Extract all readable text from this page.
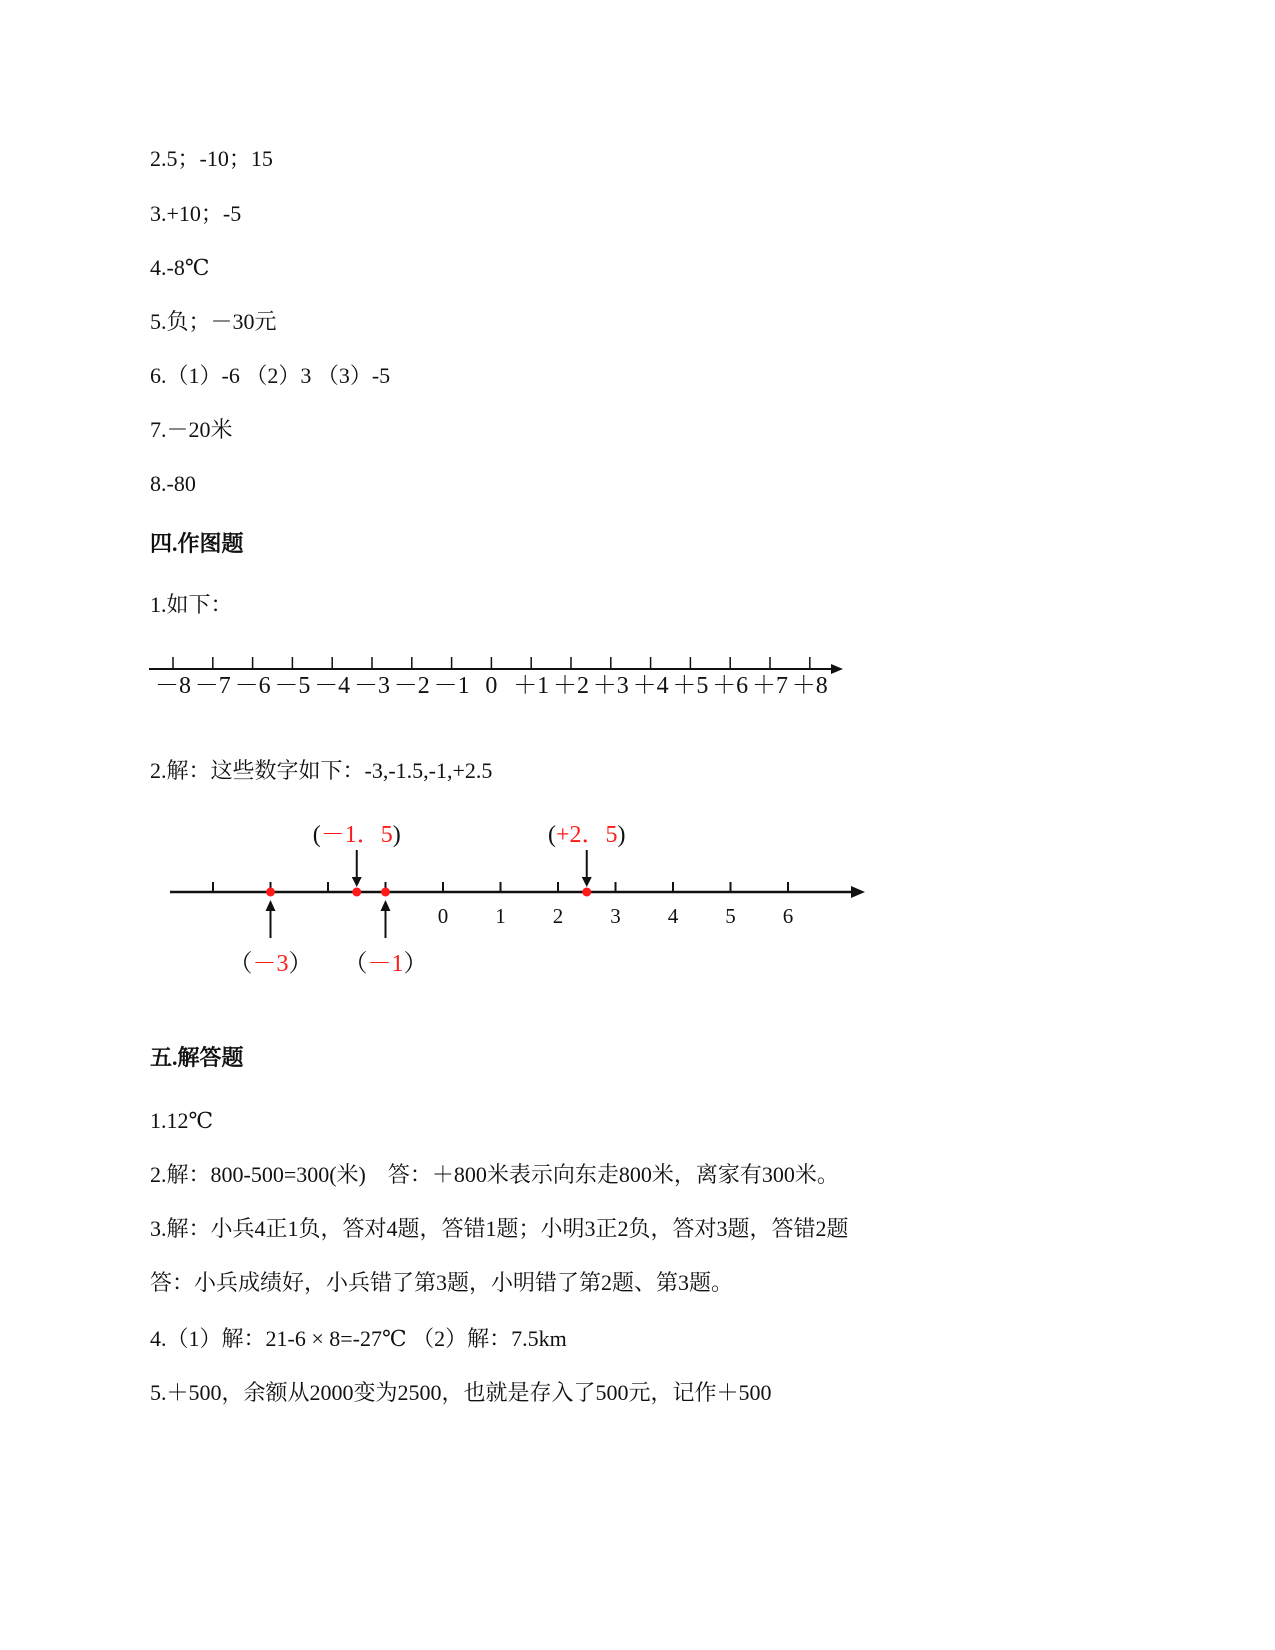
2.5；-10；15
3.+10；-5
4.-8℃
5.负；－30元
6.（1）-6 （2）3 （3）-5
7.－20米
8.-80
四.作图题
1.如下：
－8 －7 －6 －5 －4 －3 －2 －1 0 ＋1 ＋2 ＋3 ＋4 ＋5 ＋6 ＋7 ＋8
2.解：这些数字如下：-3,-1.5,-1,+2.5
0 1 2 3 4 5 6
（－3）
(－1．5)
（－1）
(+2．5)
五.解答题
1.12℃
2.解：800-500=300(米)    答：＋800米表示向东走800米，离家有300米。
3.解：小兵4正1负，答对4题，答错1题；小明3正2负，答对3题，答错2题
答：小兵成绩好，小兵错了第3题，小明错了第2题、第3题。
4.（1）解：21-6 × 8=-27℃ （2）解：7.5km
5.＋500，余额从2000变为2500，也就是存入了500元，记作＋500
